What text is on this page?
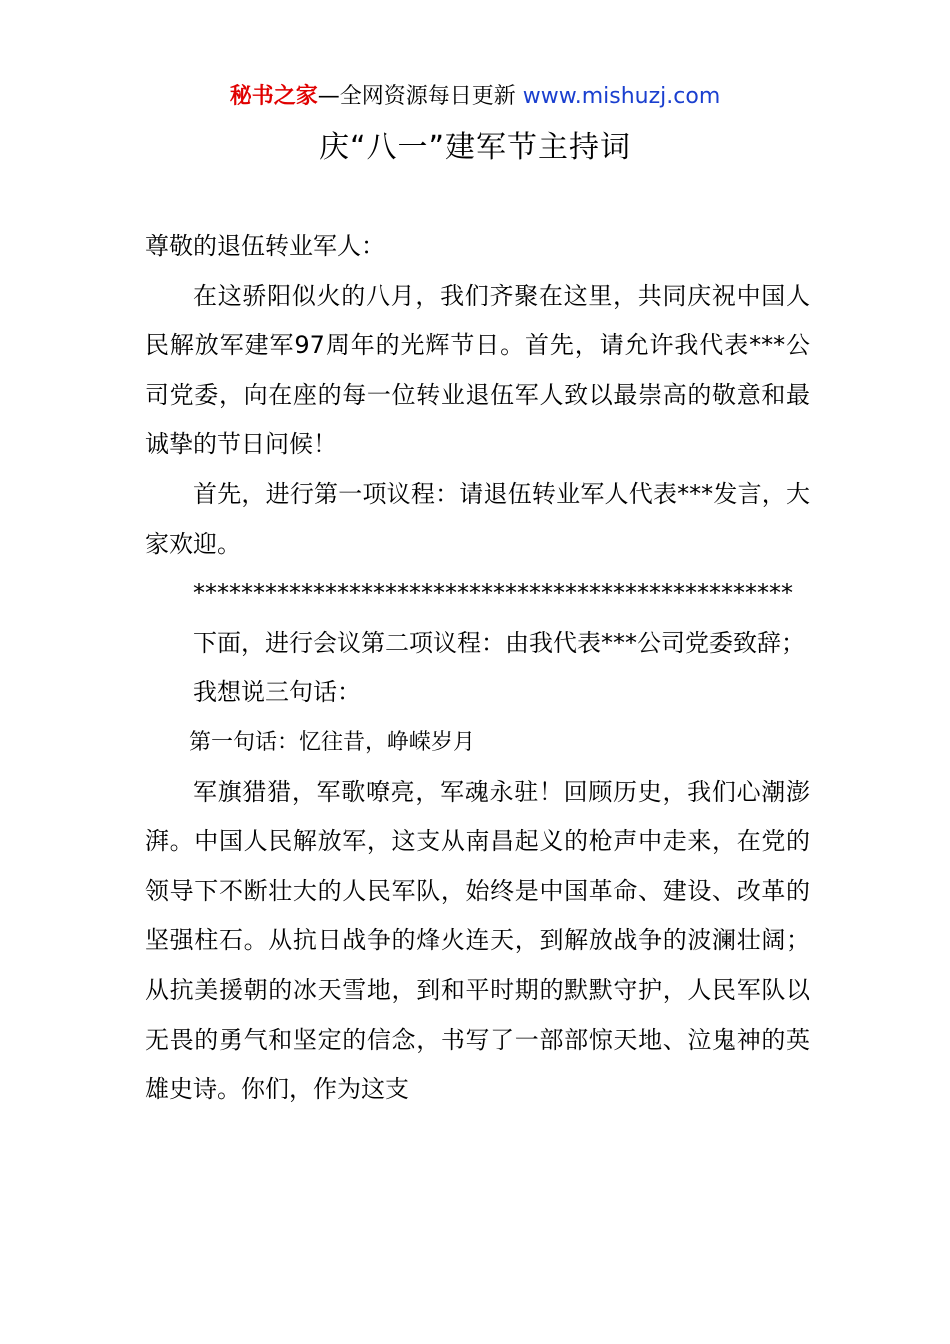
秘书之家—全网资源每日更新 www.mishuzj.com
庆“八一”建军节主持词

尊敬的退伍转业军人：

在这骄阳似火的八月，我们齐聚在这里，共同庆祝中国人民解放军建军97周年的光辉节日。首先，请允许我代表***公司党委，向在座的每一位转业退伍军人致以最崇高的敬意和最诚挚的节日问候！

首先，进行第一项议程：请退伍转业军人代表***发言，大家欢迎。

**************************************************

下面，进行会议第二项议程：由我代表***公司党委致辞；

我想说三句话：

第一句话：忆往昔，峥嵘岁月

军旗猎猎，军歌嘹亮，军魂永驻！回顾历史，我们心潮澎湃。中国人民解放军，这支从南昌起义的枪声中走来，在党的领导下不断壮大的人民军队，始终是中国革命、建设、改革的坚强柱石。从抗日战争的烽火连天，到解放战争的波澜壮阔；从抗美援朝的冰天雪地，到和平时期的默默守护，人民军队以无畏的勇气和坚定的信念，书写了一部部惊天地、泣鬼神的英雄史诗。你们，作为这支
